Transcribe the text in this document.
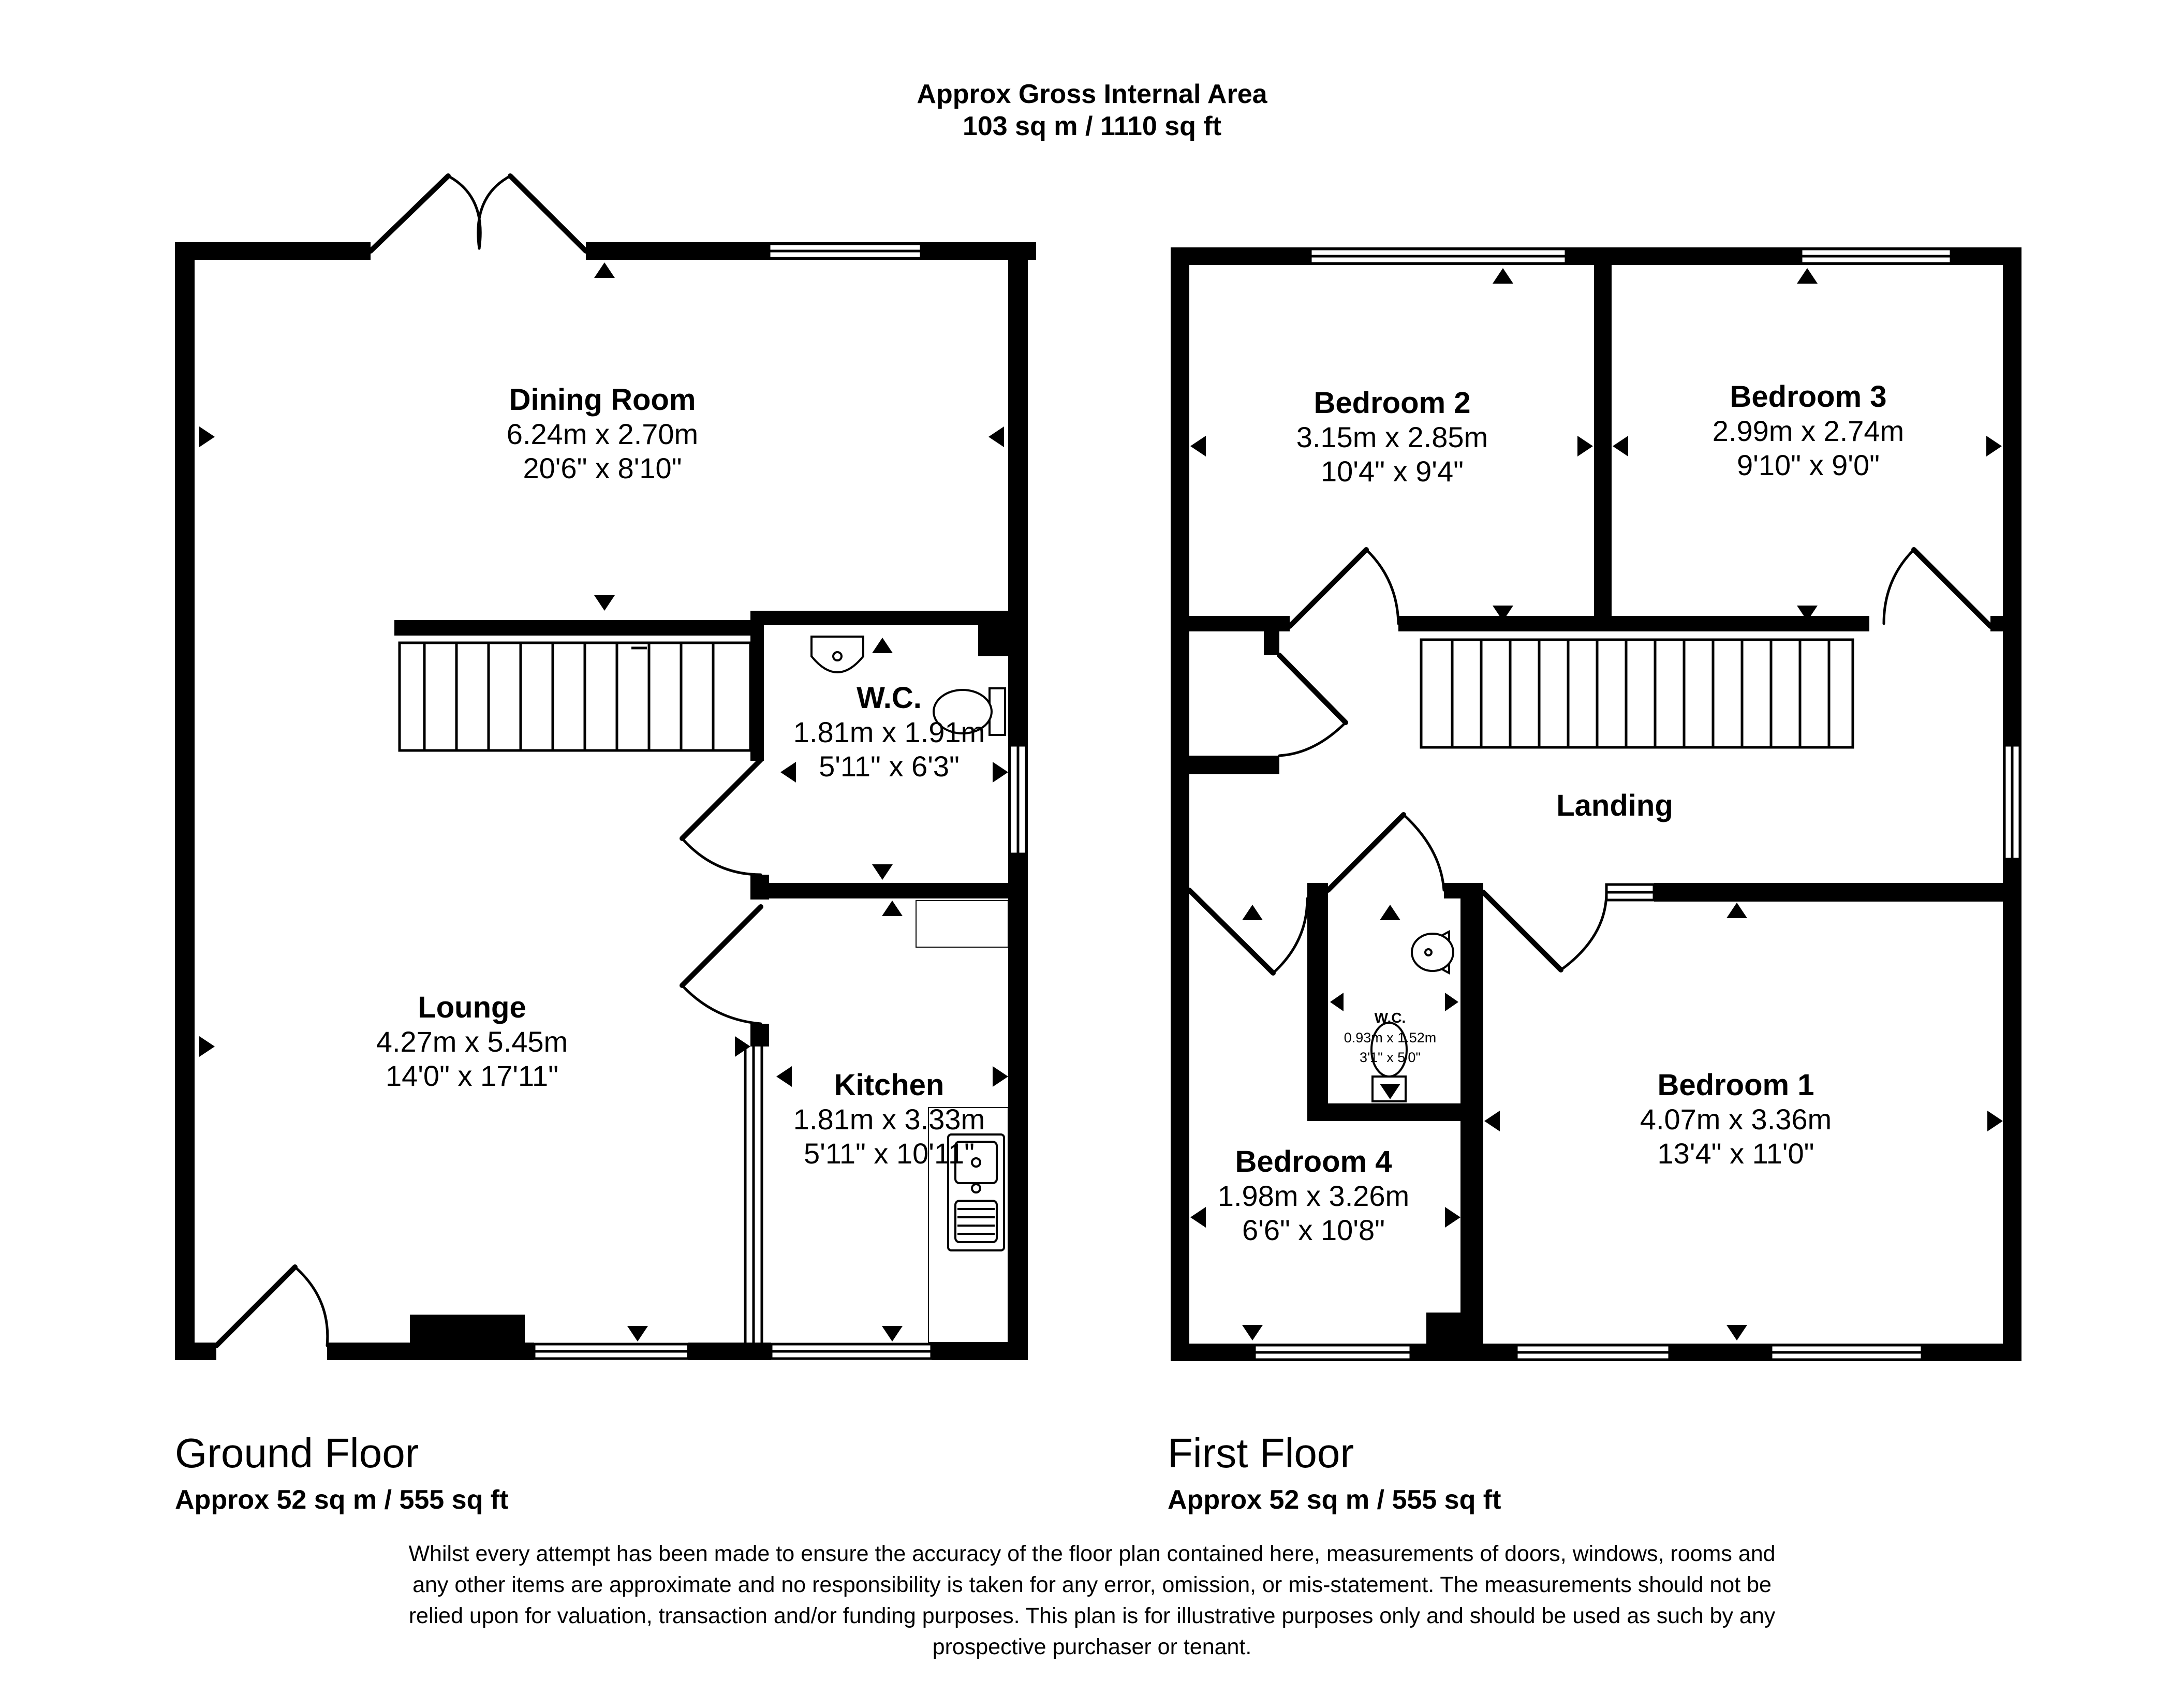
Approx Gross Internal Area
103 sq m / 1110 sq ft
Dining Room
6.24m x 2.70m
20'6" x 8'10"
W.C.
1.81m x 1.91m
5'11" x 6'3"
Lounge
4.27m x 5.45m
14'0" x 17'11"	Kitchen
1.81m x 3.33m
5'11" x 10'11"
Bedroom 2
3.15m x 2.85m
10'4" x 9'4"
Bedroom 3
2.99m x 2.74m
9'10" x 9'0"
Landing
W.C.
0.93m x 1.52m
3'1" x 5'0"
Bedroom 1
4.07m x 3.36m
13'4" x 11'0"
Bedroom 4
1.98m x 3.26m
6'6" x 10'8"
Ground Floor
Approx 52 sq m / 555 sq ft
First Floor
Approx 52 sq m / 555 sq ft
Whilst every attempt has been made to ensure the accuracy of the floor plan contained here, measurements of doors, windows, rooms and
any other items are approximate and no responsibility is taken for any error, omission, or mis-statement. The measurements should not be
relied upon for valuation, transaction and/or funding purposes. This plan is for illustrative purposes only and should be used as such by any
prospective purchaser or tenant.
